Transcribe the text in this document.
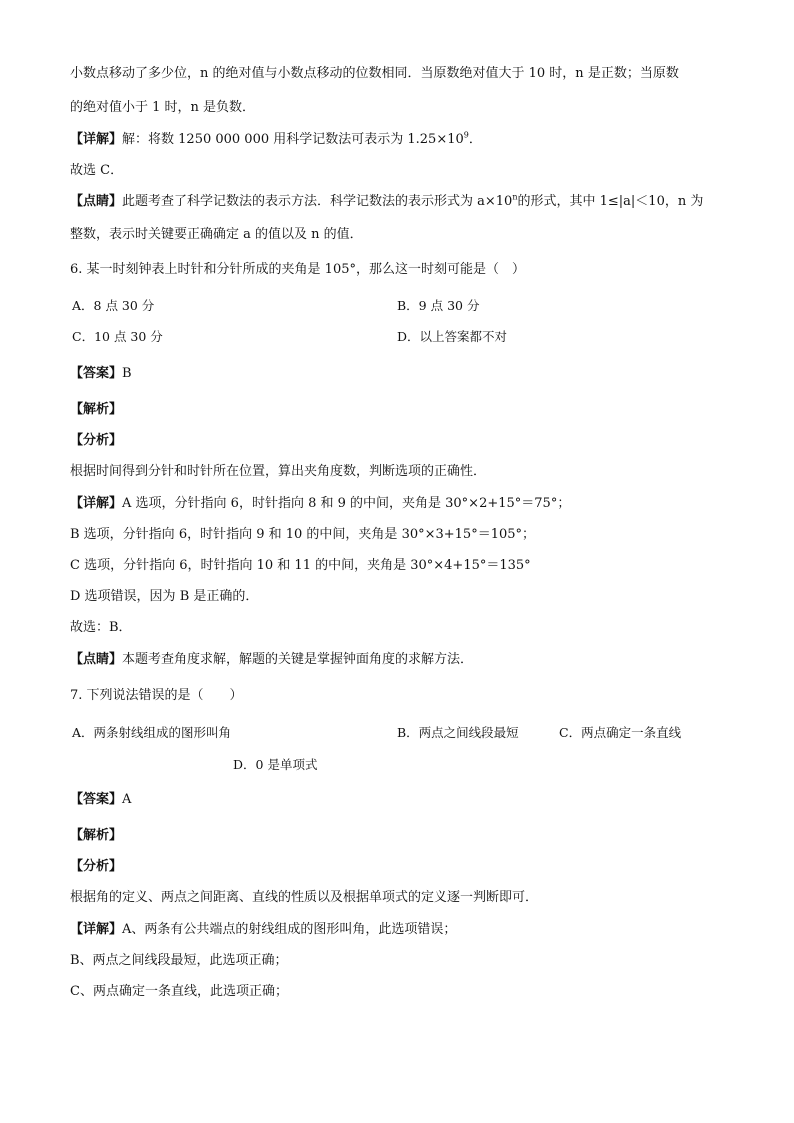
小数点移动了多少位，n 的绝对值与小数点移动的位数相同．当原数绝对值大于 10 时，n 是正数；当原数
的绝对值小于 1 时，n 是负数．
【详解】解：将数 1250 000 000 用科学记数法可表示为 $1.25\times 10^9$．
故选 C．
【点睛】此题考查了科学记数法的表示方法．科学记数法的表示形式为 $a\times 10^n$的形式，其中 1≤|a|＜10，n 为
整数，表示时关键要正确确定 a 的值以及 n 的值．
6. 某一时刻钟表上时针和分针所成的夹角是 105°，那么这一时刻可能是（　）
A．8 点 30 分	B．9 点 30 分
C．10 点 30 分	D．以上答案都不对
【答案】B
【解析】
【分析】
根据时间得到分针和时针所在位置，算出夹角度数，判断选项的正确性．
【详解】A 选项，分针指向 6，时针指向 8 和 9 的中间，夹角是 30°×2+15°＝75°；
B 选项，分针指向 6，时针指向 9 和 10 的中间，夹角是 30°×3+15°＝105°；
C 选项，分针指向 6，时针指向 10 和 11 的中间，夹角是 30°×4+15°＝135°
D 选项错误，因为 B 是正确的．
故选：B．
【点睛】本题考查角度求解，解题的关键是掌握钟面角度的求解方法．
7. 下列说法错误的是（　　）
A．两条射线组成的图形叫角	B．两点之间线段最短	C．两点确定一条直线
D．0 是单项式
【答案】A
【解析】
【分析】
根据角的定义、两点之间距离、直线的性质以及根据单项式的定义逐一判断即可．
【详解】A、两条有公共端点的射线组成的图形叫角，此选项错误；
B、两点之间线段最短，此选项正确；
C、两点确定一条直线，此选项正确；
